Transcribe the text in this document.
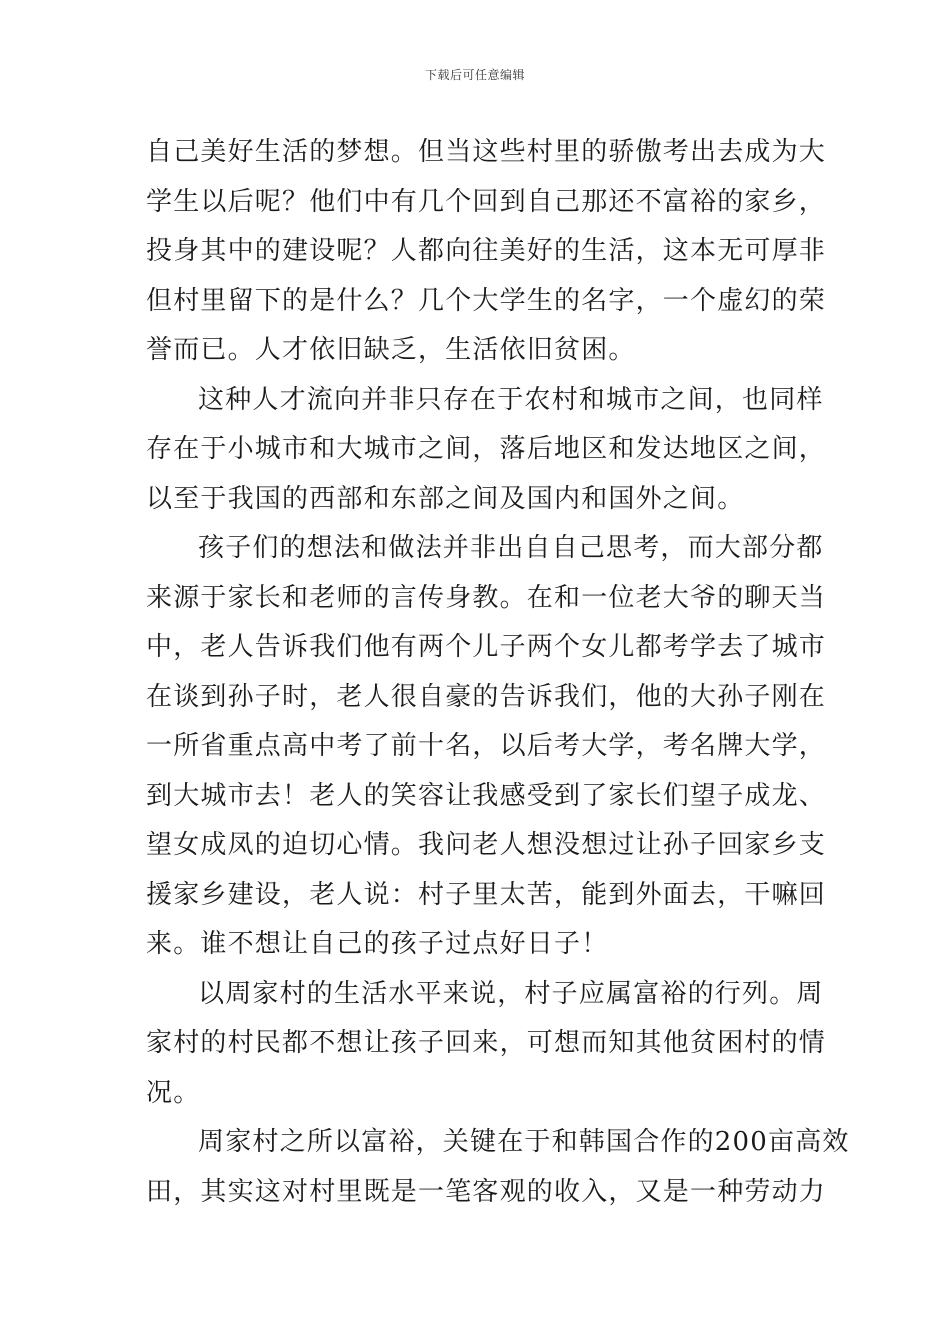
下载后可任意编辑
自己美好生活的梦想。但当这些村里的骄傲考出去成为大
学生以后呢？他们中有几个回到自己那还不富裕的家乡，
投身其中的建设呢？人都向往美好的生活，这本无可厚非
但村里留下的是什么？几个大学生的名字，一个虚幻的荣
誉而已。人才依旧缺乏，生活依旧贫困。
这种人才流向并非只存在于农村和城市之间，也同样
存在于小城市和大城市之间，落后地区和发达地区之间，
以至于我国的西部和东部之间及国内和国外之间。
孩子们的想法和做法并非出自自己思考，而大部分都
来源于家长和老师的言传身教。在和一位老大爷的聊天当
中，老人告诉我们他有两个儿子两个女儿都考学去了城市
在谈到孙子时，老人很自豪的告诉我们，他的大孙子刚在
一所省重点高中考了前十名，以后考大学，考名牌大学，
到大城市去！老人的笑容让我感受到了家长们望子成龙、
望女成凤的迫切心情。我问老人想没想过让孙子回家乡支
援家乡建设，老人说：村子里太苦，能到外面去，干嘛回
来。谁不想让自己的孩子过点好日子！
以周家村的生活水平来说，村子应属富裕的行列。周
家村的村民都不想让孩子回来，可想而知其他贫困村的情
况。
周家村之所以富裕，关键在于和韩国合作的200亩高效
田，其实这对村里既是一笔客观的收入，又是一种劳动力
